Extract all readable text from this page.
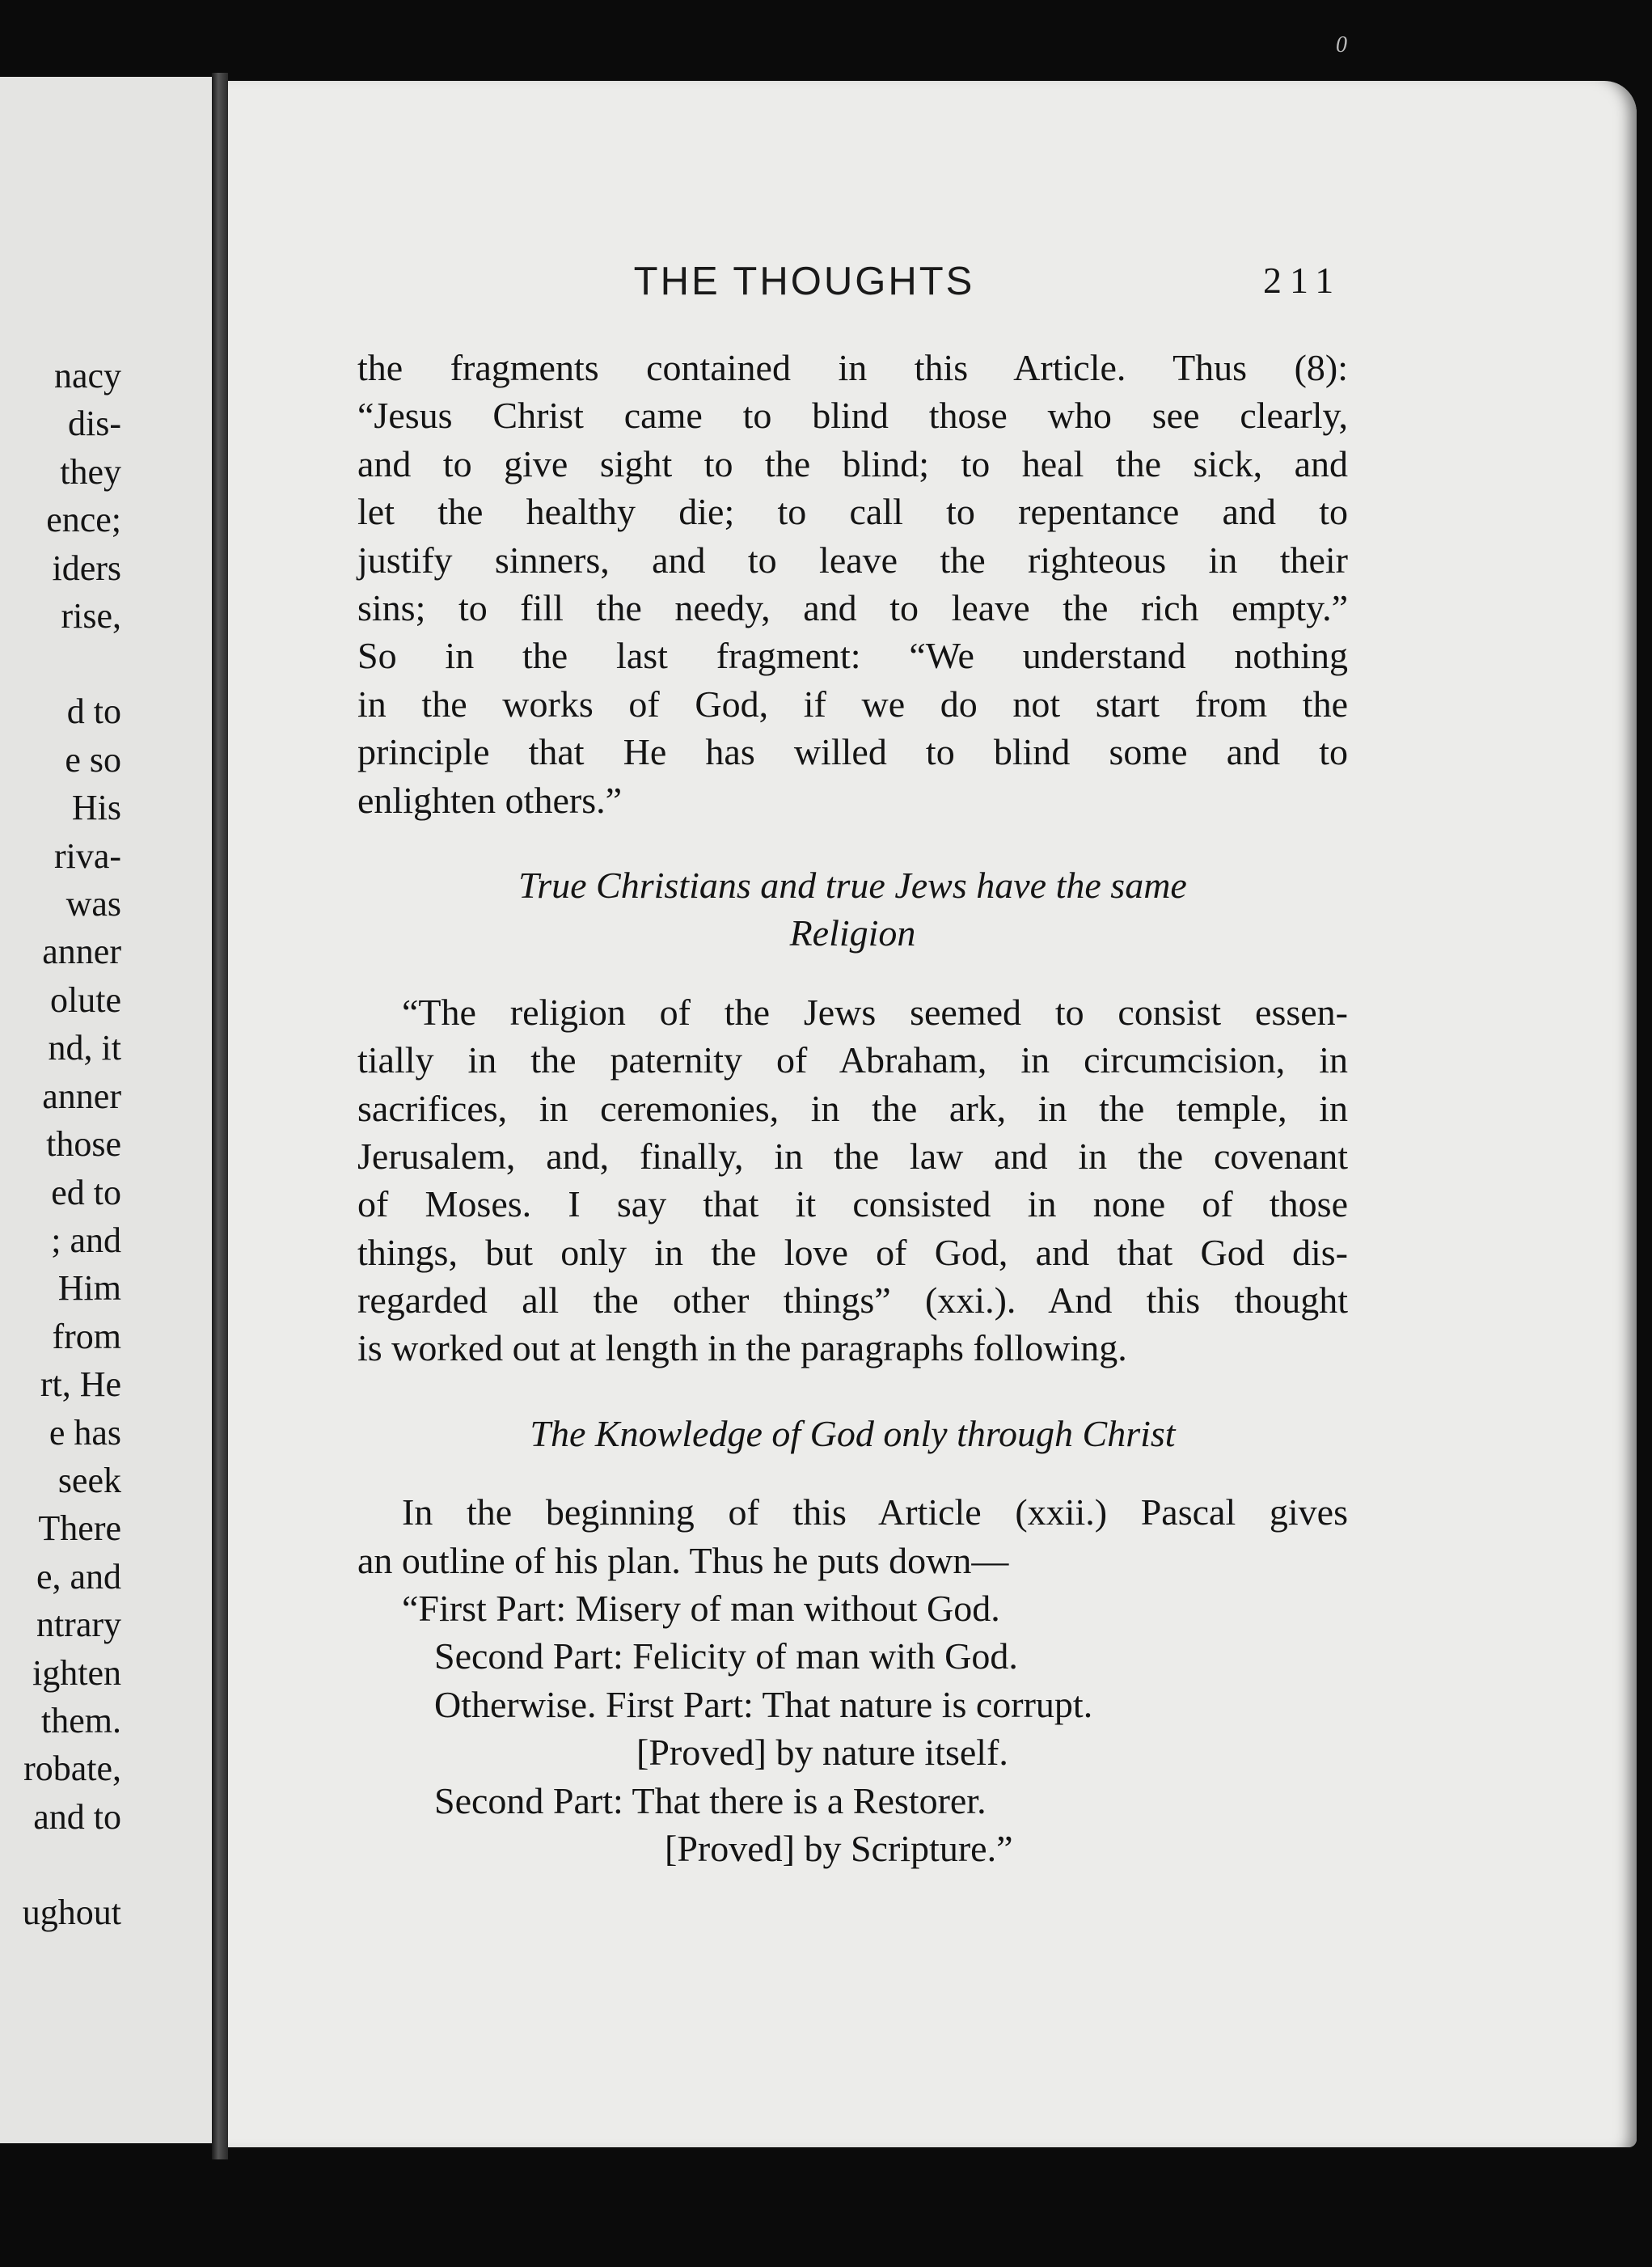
nacy
dis-
they
ence;
iders
rise,
d to
e so
His
riva-
was
anner
olute
nd, it
anner
those
ed to
; and
Him
from
rt, He
e has
seek
There
e, and
ntrary
ighten
them.
robate,
and to
ughout
0
THE THOUGHTS	211
the fragments contained in this Article. Thus (8):
“Jesus Christ came to blind those who see clearly,
and to give sight to the blind; to heal the sick, and
let the healthy die; to call to repentance and to
justify sinners, and to leave the righteous in their
sins; to fill the needy, and to leave the rich empty.”
So in the last fragment: “We understand nothing
in the works of God, if we do not start from the
principle that He has willed to blind some and to
enlighten others.”
True Christians and true Jews have the same
Religion
“The religion of the Jews seemed to consist essen-
tially in the paternity of Abraham, in circumcision, in
sacrifices, in ceremonies, in the ark, in the temple, in
Jerusalem, and, finally, in the law and in the covenant
of Moses. I say that it consisted in none of those
things, but only in the love of God, and that God dis-
regarded all the other things” (xxi.). And this thought
is worked out at length in the paragraphs following.
The Knowledge of God only through Christ
In the beginning of this Article (xxii.) Pascal gives
an outline of his plan. Thus he puts down—
“First Part: Misery of man without God.
Second Part: Felicity of man with God.
Otherwise. First Part: That nature is corrupt.
[Proved] by nature itself.
Second Part: That there is a Restorer.
[Proved] by Scripture.”
